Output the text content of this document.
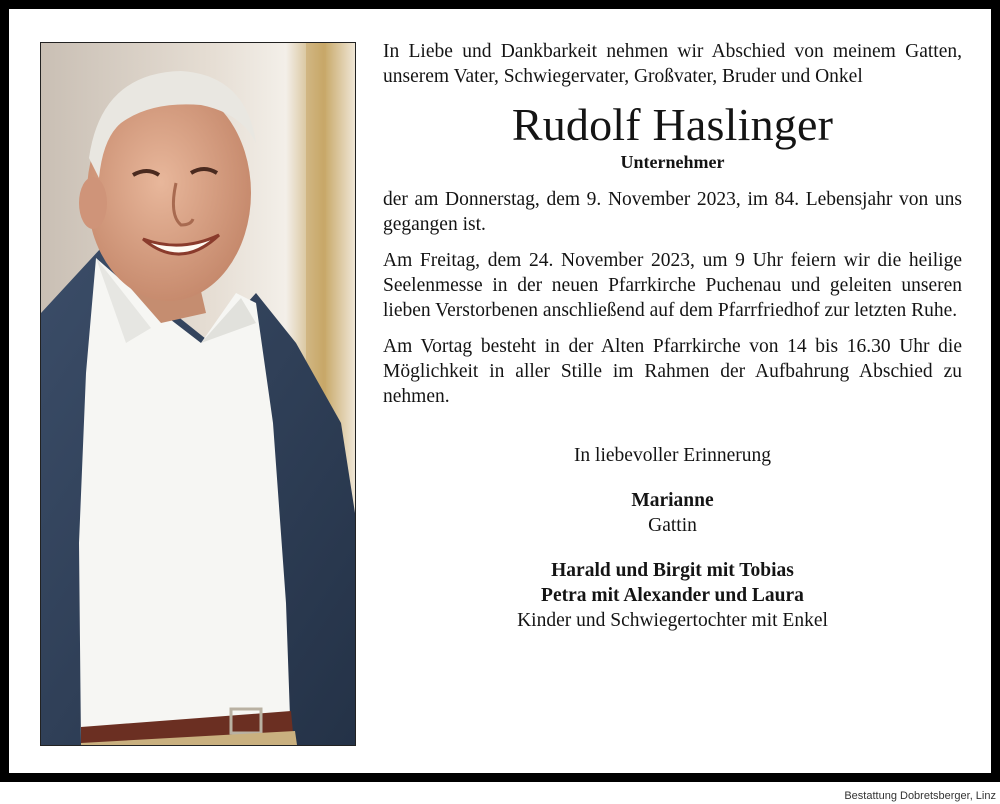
In Liebe und Dankbarkeit nehmen wir Abschied von meinem Gatten, unserem Vater, Schwiegervater, Großvater, Bruder und Onkel

Rudolf Haslinger

Unternehmer

der am Donnerstag, dem 9. November 2023, im 84. Lebensjahr von uns gegangen ist.

Am Freitag, dem 24. November 2023, um 9 Uhr feiern wir die heilige Seelenmesse in der neuen Pfarrkirche Puchenau und geleiten unseren lieben Verstorbenen anschließend auf dem Pfarrfriedhof zur letzten Ruhe.

Am Vortag besteht in der Alten Pfarrkirche von 14 bis 16.30 Uhr die Möglichkeit in aller Stille im Rahmen der Aufbahrung Abschied zu nehmen.

In liebevoller Erinnerung

Marianne

Gattin

Harald und Birgit mit Tobias

Petra mit Alexander und Laura

Kinder und Schwiegertochter mit Enkel

Bestattung Dobretsberger, Linz
